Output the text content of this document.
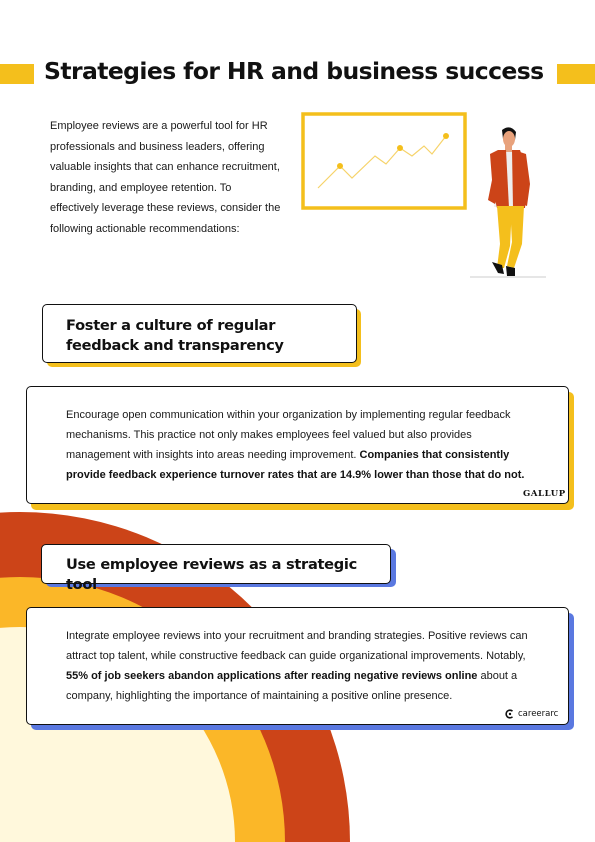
Strategies for HR and business success

Employee reviews are a powerful tool for HR professionals and business leaders, offering valuable insights that can enhance recruitment, branding, and employee retention. To effectively leverage these reviews, consider the following actionable recommendations:

Foster a culture of regular feedback and transparency

Encourage open communication within your organization by implementing regular feedback mechanisms. This practice not only makes employees feel valued but also provides management with insights into areas needing improvement. Companies that consistently provide feedback experience turnover rates that are 14.9% lower than those that do not.

GALLUP

Use employee reviews as a strategic tool

Integrate employee reviews into your recruitment and branding strategies. Positive reviews can attract top talent, while constructive feedback can guide organizational improvements. Notably, 55% of job seekers abandon applications after reading negative reviews online about a company, highlighting the importance of maintaining a positive online presence.

careerarc
